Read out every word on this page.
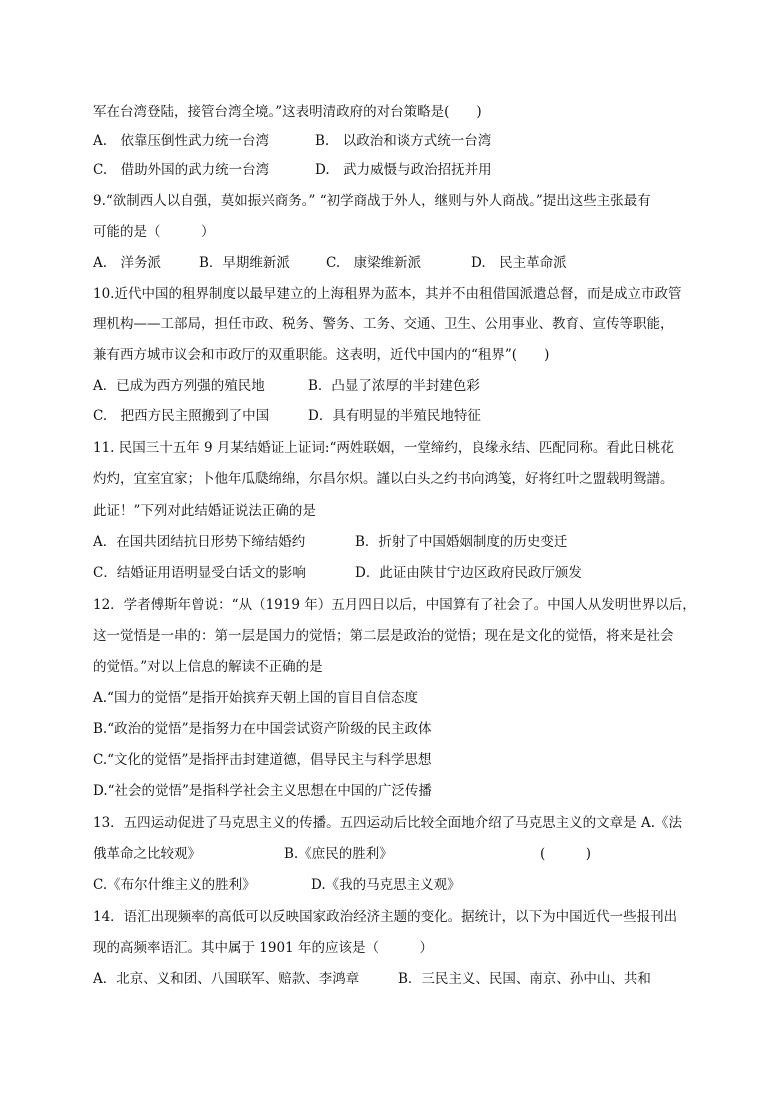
军在台湾登陆，接管台湾全境。”这表明清政府的对台策略是(　　)
A.　依靠压倒性武力统一台湾	B.　以政治和谈方式统一台湾
C.　借助外国的武力统一台湾	D.　武力威慑与政治招抚并用
9.“欲制西人以自强，莫如振兴商务。” “初学商战于外人，继则与外人商战。”提出这些主张最有
可能的是（　　　）
A.　洋务派	B．早期维新派	C.　康梁维新派	D.　民主革命派
10.近代中国的租界制度以最早建立的上海租界为蓝本，其并不由租借国派遣总督，而是成立市政管
理机构——工部局，担任市政、税务、警务、工务、交通、卫生、公用事业、教育、宣传等职能，
兼有西方城市议会和市政厅的双重职能。这表明，近代中国内的“租界”(　　)
A．已成为西方列强的殖民地	B．凸显了浓厚的半封建色彩
C.　把西方民主照搬到了中国	D．具有明显的半殖民地特征
11. 民国三十五年 9 月某结婚证上证词:“两姓联姻，一堂缔约，良缘永结、匹配同称。看此日桃花
灼灼，宜室宜家；卜他年瓜瓞绵绵，尔昌尔炽。謹以白头之约书向鸿笺，好将红叶之盟载明鸳譜。
此证！”下列对此结婚证说法正确的是
A．在国共团结抗日形势下缔结婚约	B．折射了中国婚姻制度的历史变迁
C．结婚证用语明显受白话文的影响	D．此证由陕甘宁边区政府民政厅颁发
12．学者傅斯年曾说：“从（1919 年）五月四日以后，中国算有了社会了。中国人从发明世界以后，
这一觉悟是一串的：第一层是国力的觉悟；第二层是政治的觉悟；现在是文化的觉悟，将来是社会
的觉悟。”对以上信息的解读不正确的是
A.“国力的觉悟”是指开始摈弃天朝上国的盲目自信态度
B.“政治的觉悟”是指努力在中国尝试资产阶级的民主政体
C.“文化的觉悟”是指抨击封建道德，倡导民主与科学思想
D.“社会的觉悟”是指科学社会主义思想在中国的广泛传播
13．五四运动促进了马克思主义的传播。五四运动后比较全面地介绍了马克思主义的文章是 A.《法
俄革命之比较观》	B.《庶民的胜利》	(　　　)
C.《布尔什维主义的胜利》	D.《我的马克思主义观》
14．语汇出现频率的高低可以反映国家政治经济主题的变化。据统计，以下为中国近代一些报刊出
现的高频率语汇。其中属于 1901 年的应该是（　　　）
A．北京、义和团、八国联军、赔款、李鸿章	B．三民主义、民国、南京、孙中山、共和
